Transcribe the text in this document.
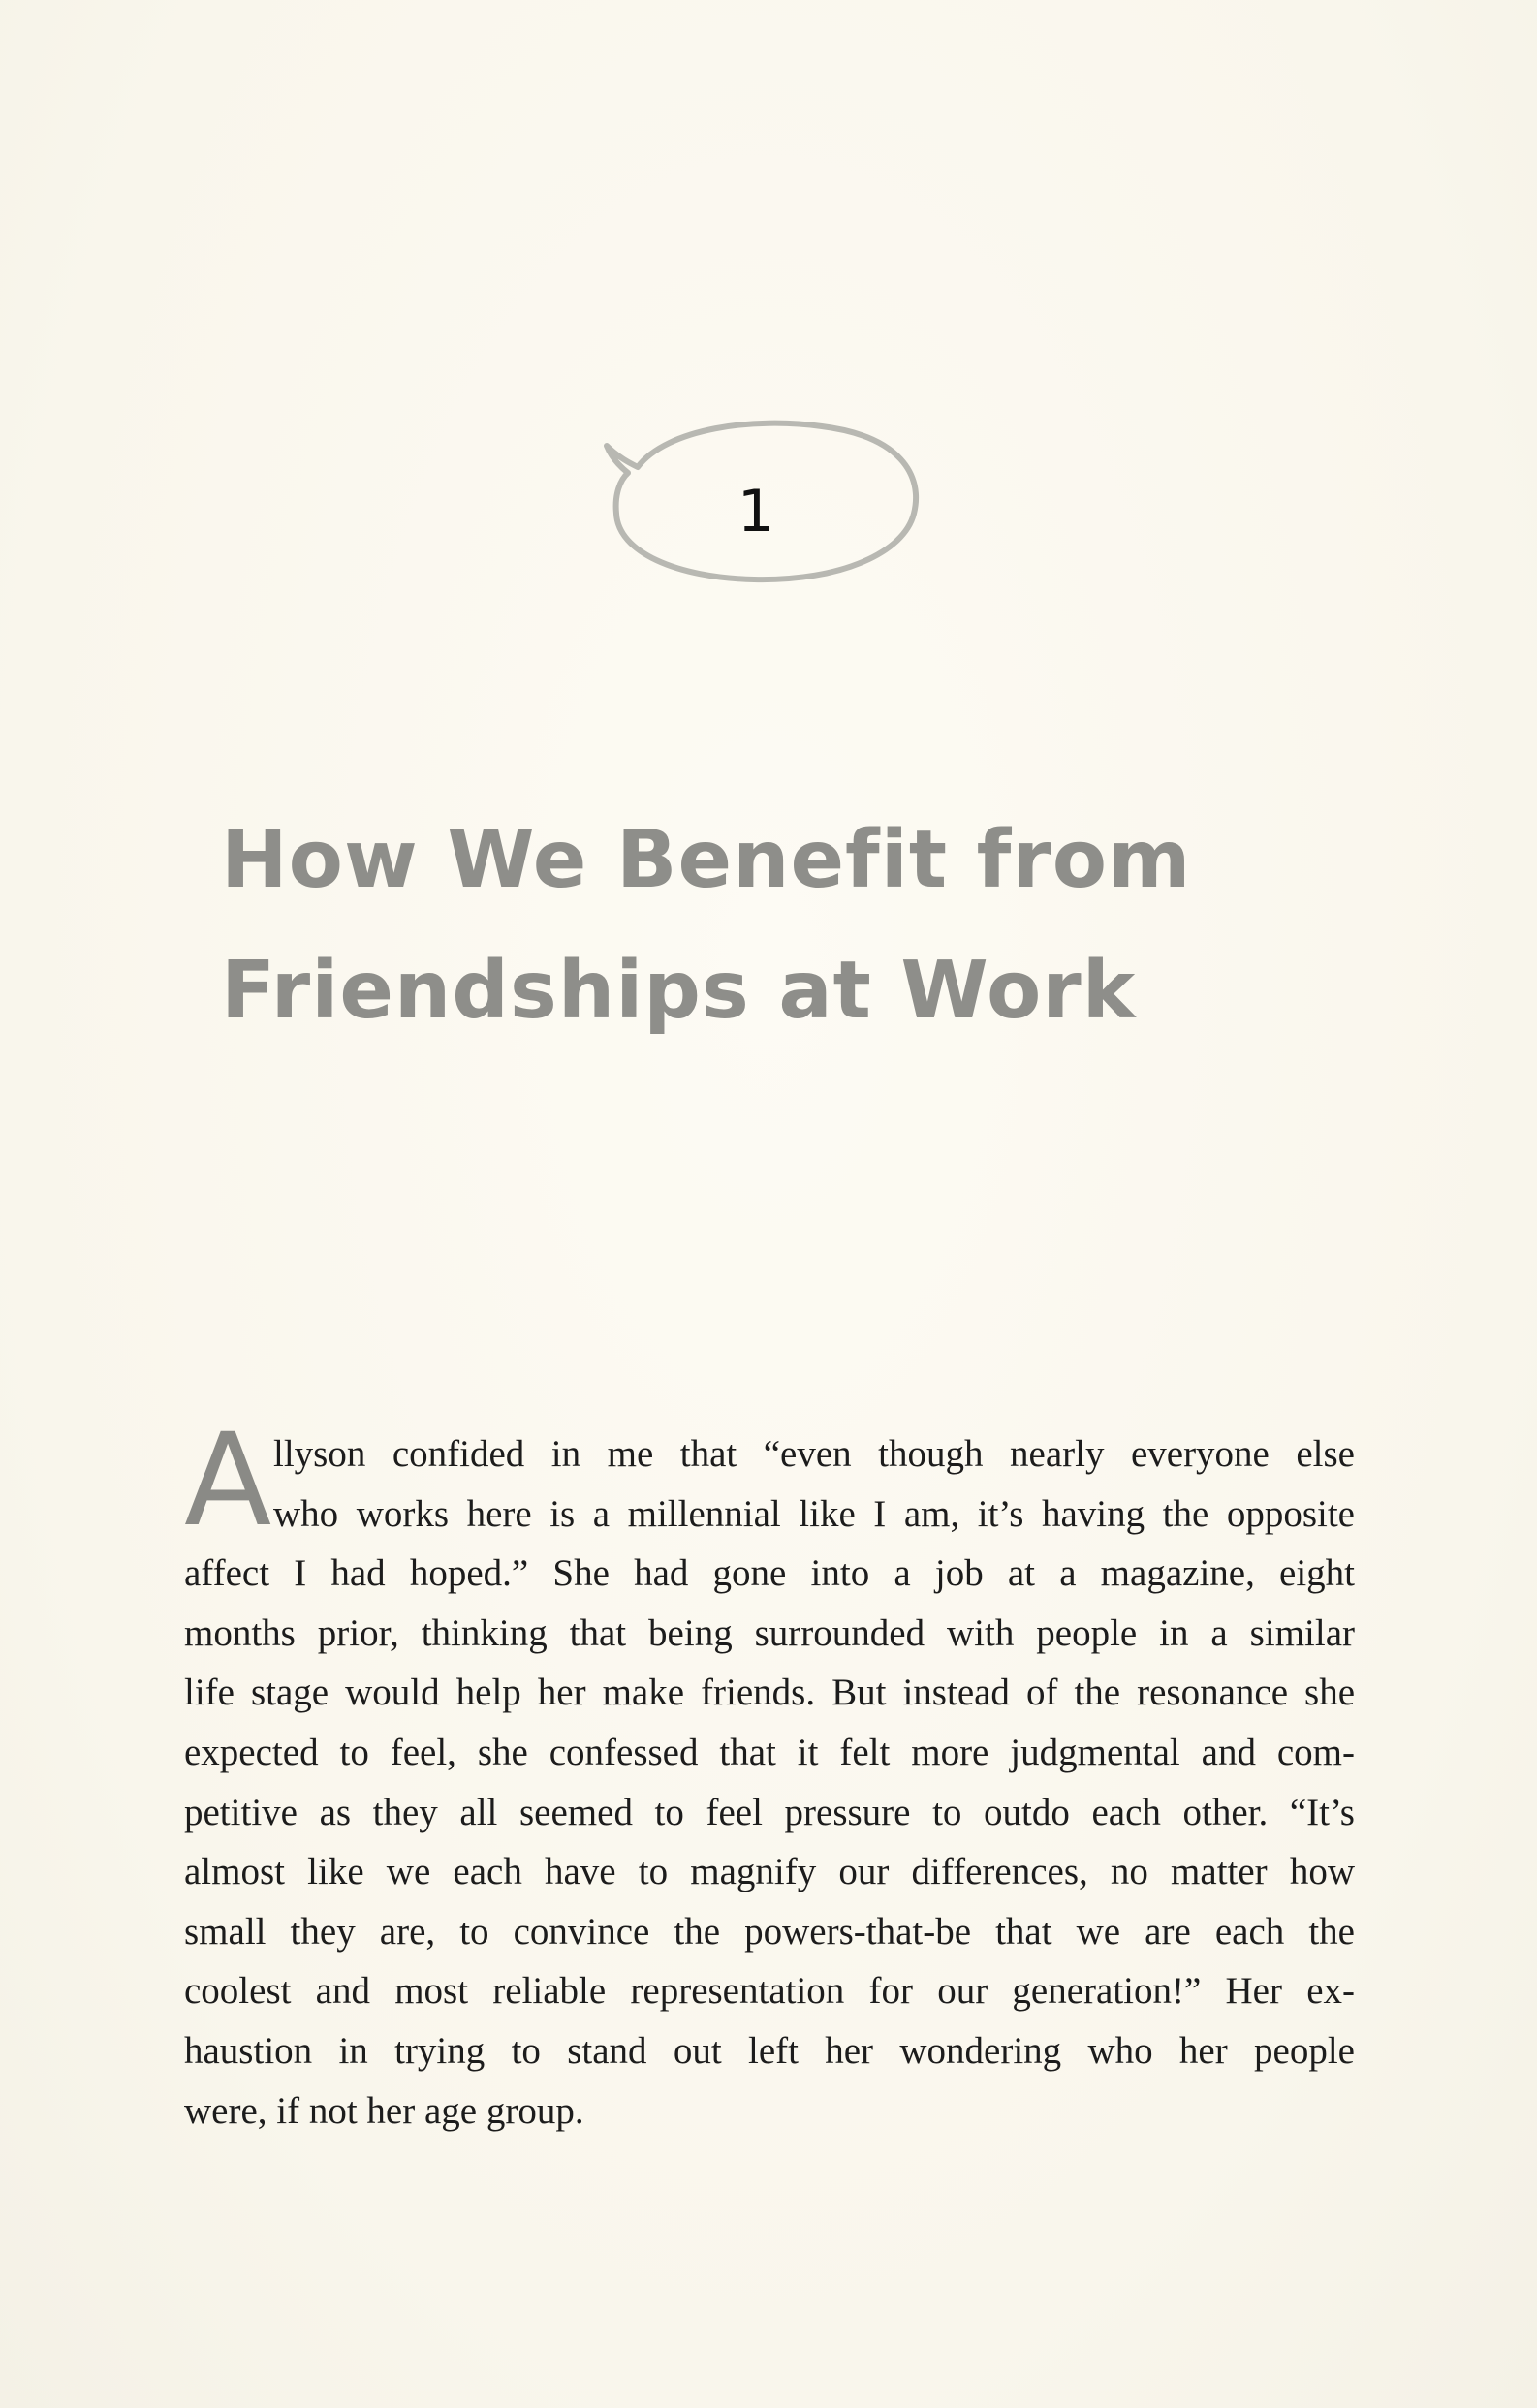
1
How We Benefit from
Friendships at Work
A llyson confided in me that “even though nearly everyone else
who works here is a millennial like I am, it’s having the opposite
affect I had hoped.” She had gone into a job at a magazine, eight
months prior, thinking that being surrounded with people in a similar
life stage would help her make friends. But instead of the resonance she
expected to feel, she confessed that it felt more judgmental and com-
petitive as they all seemed to feel pressure to outdo each other. “It’s
almost like we each have to magnify our differences, no matter how
small they are, to convince the powers-that-be that we are each the
coolest and most reliable representation for our generation!” Her ex-
haustion in trying to stand out left her wondering who her people
were, if not her age group.
